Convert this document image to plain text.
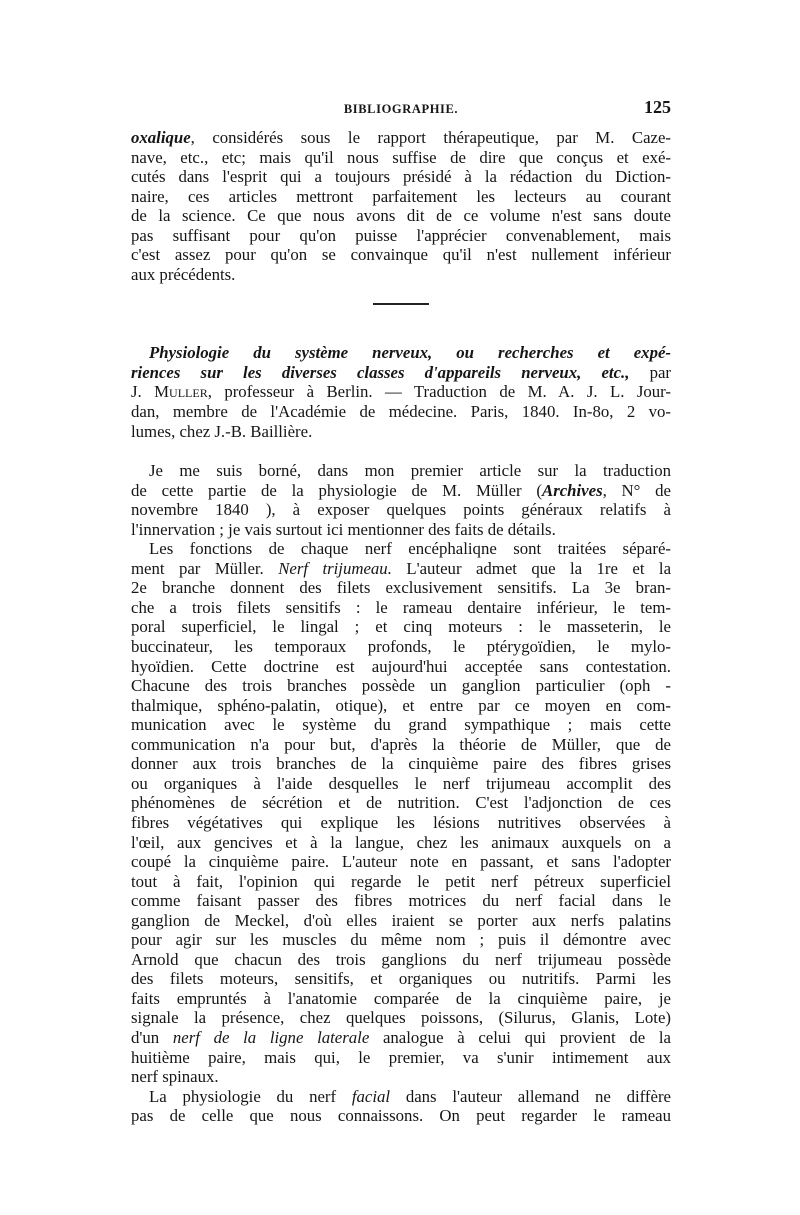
BIBLIOGRAPHIE.	125
oxalique, considérés sous le rapport thérapeutique, par M. Caze-
nave, etc., etc; mais qu'il nous suffise de dire que conçus et exé-
cutés dans l'esprit qui a toujours présidé à la rédaction du Diction-
naire, ces articles mettront parfaitement les lecteurs au courant
de la science. Ce que nous avons dit de ce volume n'est sans doute
pas suffisant pour qu'on puisse l'apprécier convenablement, mais
c'est assez pour qu'on se convainque qu'il n'est nullement inférieur
aux précédents.
Physiologie du système nerveux, ou recherches et expé-
riences sur les diverses classes d'appareils nerveux, etc., par
J. Muller, professeur à Berlin. — Traduction de M. A. J. L. Jour-
dan, membre de l'Académie de médecine. Paris, 1840. In-8o, 2 vo-
lumes, chez J.-B. Baillière.
Je me suis borné, dans mon premier article sur la traduction
de cette partie de la physiologie de M. Müller (Archives, N° de
novembre 1840 ), à exposer quelques points généraux relatifs à
l'innervation ; je vais surtout ici mentionner des faits de détails.
Les fonctions de chaque nerf encéphaliqne sont traitées séparé-
ment par Müller. Nerf trijumeau. L'auteur admet que la 1re et la
2e branche donnent des filets exclusivement sensitifs. La 3e bran-
che a trois filets sensitifs : le rameau dentaire inférieur, le tem-
poral superficiel, le lingal ; et cinq moteurs : le masseterin, le
buccinateur, les temporaux profonds, le ptérygoïdien, le mylo-
hyoïdien. Cette doctrine est aujourd'hui acceptée sans contestation.
Chacune des trois branches possède un ganglion particulier (oph -
thalmique, sphéno-palatin, otique), et entre par ce moyen en com-
munication avec le système du grand sympathique ; mais cette
communication n'a pour but, d'après la théorie de Müller, que de
donner aux trois branches de la cinquième paire des fibres grises
ou organiques à l'aide desquelles le nerf trijumeau accomplit des
phénomènes de sécrétion et de nutrition. C'est l'adjonction de ces
fibres végétatives qui explique les lésions nutritives observées à
l'œil, aux gencives et à la langue, chez les animaux auxquels on a
coupé la cinquième paire. L'auteur note en passant, et sans l'adopter
tout à fait, l'opinion qui regarde le petit nerf pétreux superficiel
comme faisant passer des fibres motrices du nerf facial dans le
ganglion de Meckel, d'où elles iraient se porter aux nerfs palatins
pour agir sur les muscles du même nom ; puis il démontre avec
Arnold que chacun des trois ganglions du nerf trijumeau possède
des filets moteurs, sensitifs, et organiques ou nutritifs. Parmi les
faits empruntés à l'anatomie comparée de la cinquième paire, je
signale la présence, chez quelques poissons, (Silurus, Glanis, Lote)
d'un nerf de la ligne laterale analogue à celui qui provient de la
huitième paire, mais qui, le premier, va s'unir intimement aux
nerf spinaux.
La physiologie du nerf facial dans l'auteur allemand ne diffère
pas de celle que nous connaissons. On peut regarder le rameau
